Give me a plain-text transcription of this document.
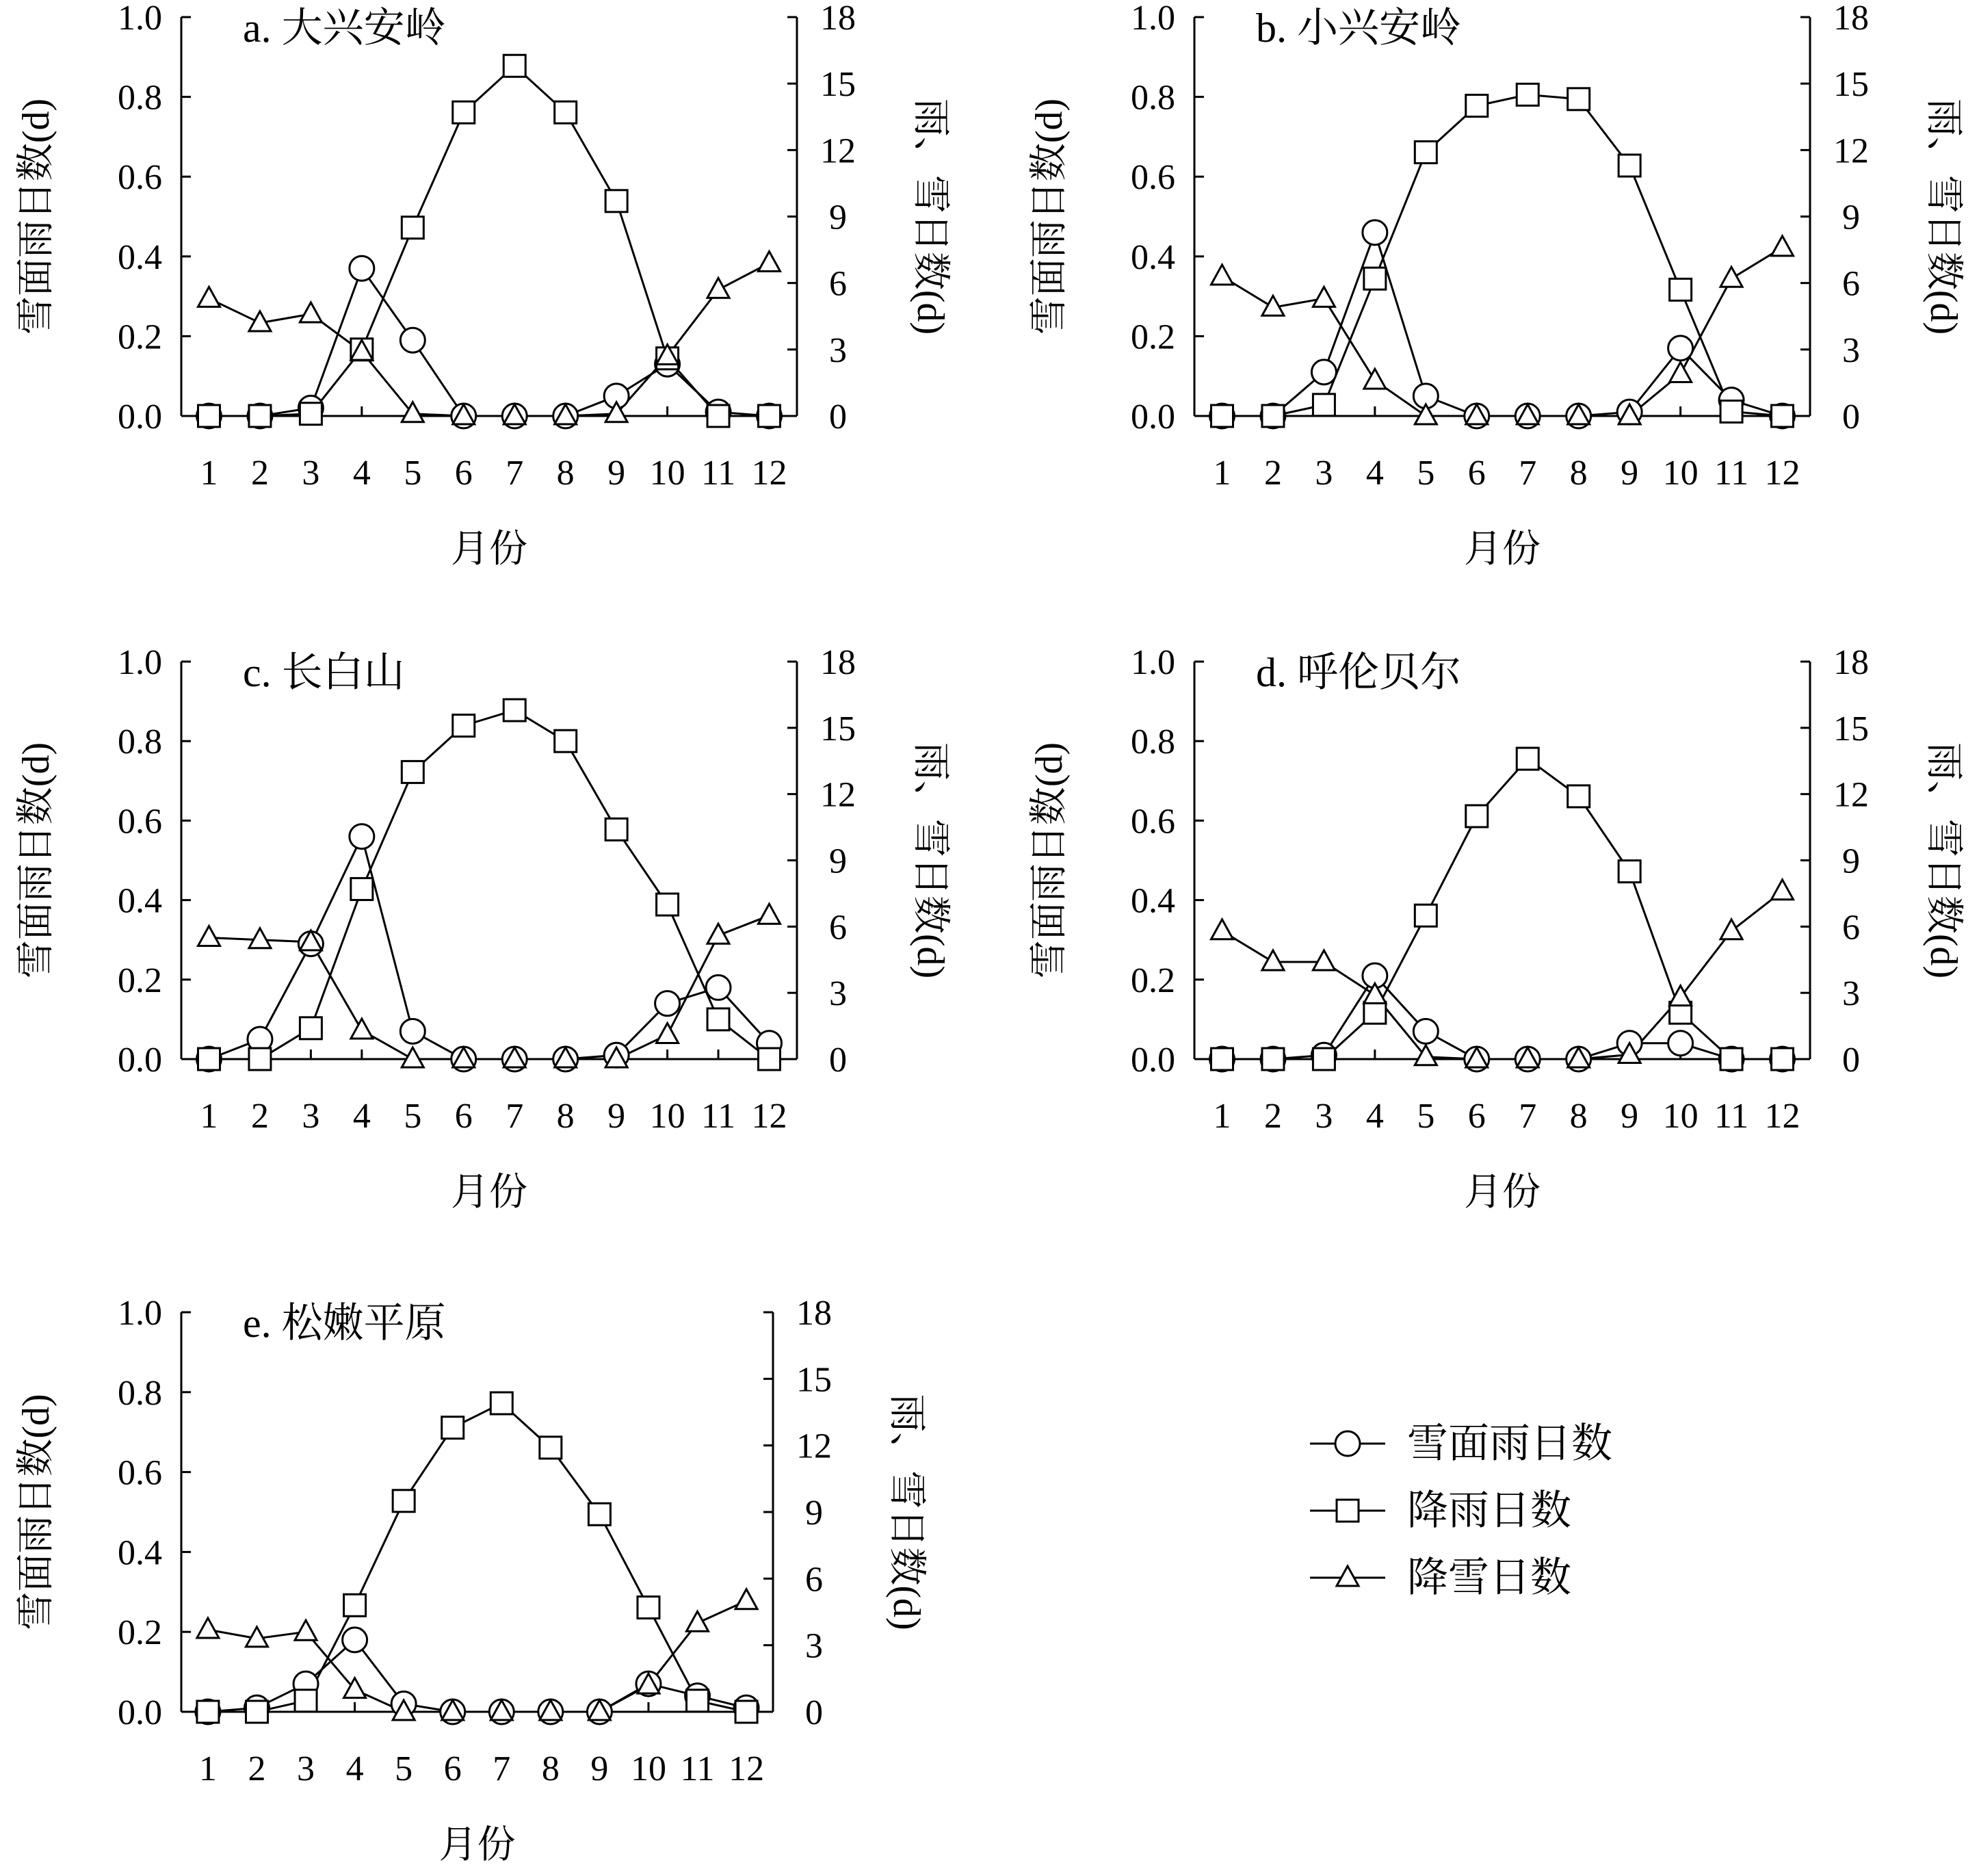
0.0
0.2
0.4
0.6
0.8
1.0
0
3
6
9
12
15
18
1 2 3 4 5 6 7 8 9 10 11 12
月份
雪面雨日数(d)	雨、雪日数(d)
a. 大兴安岭
0.0
0.2
0.4
0.6
0.8
1.0
0
3
6
9
12
15
18
1 2 3 4 5 6 7 8 9 10 11 12
月份
雪面雨日数(d)	雨、雪日数(d)
b. 小兴安岭
0.0
0.2
0.4
0.6
0.8
1.0
0
3
6
9
12
15
18
1 2 3 4 5 6 7 8 9 10 11 12
月份
雪面雨日数(d)	雨、雪日数(d)
c. 长白山
0.0
0.2
0.4
0.6
0.8
1.0
0
3
6
9
12
15
18
1 2 3 4 5 6 7 8 9 10 11 12
月份
雪面雨日数(d)	雨、雪日数(d)
d. 呼伦贝尔
0.0
0.2
0.4
0.6
0.8
1.0
0
3
6
9
12
15
18
1 2 3 4 5 6 7 8 9 10 11 12
月份
雪面雨日数(d)	雨、雪日数(d)
e. 松嫩平原
雪面雨日数
降雨日数
降雪日数
